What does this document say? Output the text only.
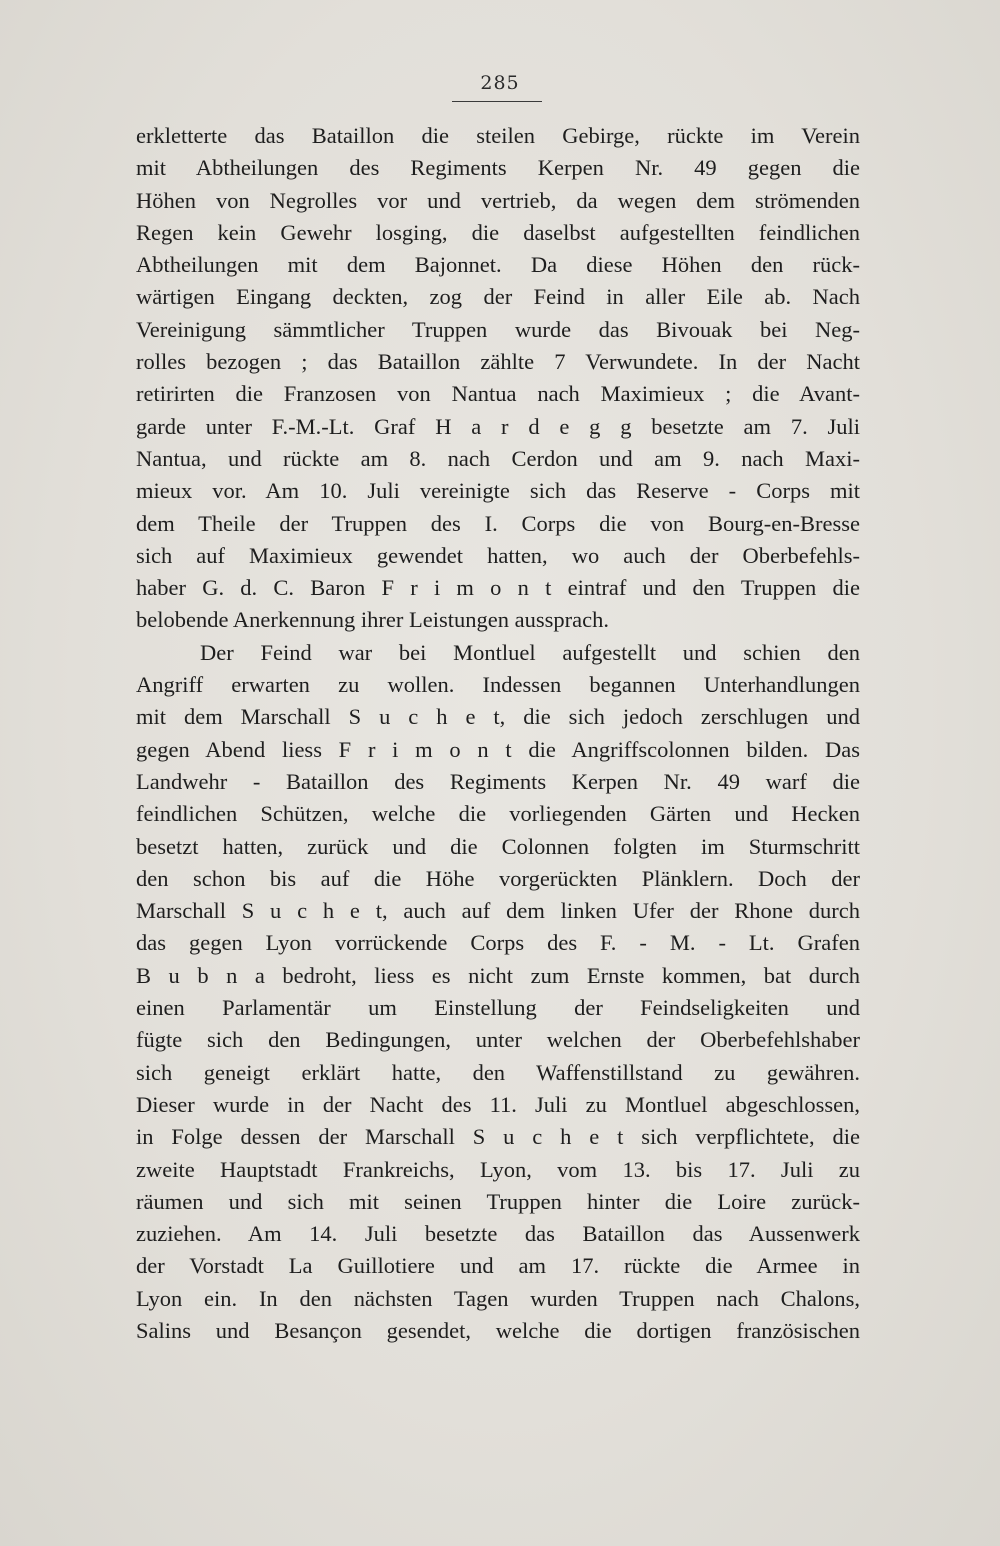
285
erkletterte das Bataillon die steilen Gebirge, rückte im Verein
mit Abtheilungen des Regiments Kerpen Nr. 49 gegen die
Höhen von Negrolles vor und vertrieb, da wegen dem strömenden
Regen kein Gewehr losging, die daselbst aufgestellten feindlichen
Abtheilungen mit dem Bajonnet. Da diese Höhen den rück-
wärtigen Eingang deckten, zog der Feind in aller Eile ab. Nach
Vereinigung sämmtlicher Truppen wurde das Bivouak bei Neg-
rolles bezogen ; das Bataillon zählte 7 Verwundete. In der Nacht
retirirten die Franzosen von Nantua nach Maximieux ; die Avant-
garde unter F.-M.-Lt. Graf H a r d e g g besetzte am 7. Juli
Nantua, und rückte am 8. nach Cerdon und am 9. nach Maxi-
mieux vor. Am 10. Juli vereinigte sich das Reserve - Corps mit
dem Theile der Truppen des I. Corps die von Bourg-en-Bresse
sich auf Maximieux gewendet hatten, wo auch der Oberbefehls-
haber G. d. C. Baron F r i m o n t eintraf und den Truppen die
belobende Anerkennung ihrer Leistungen aussprach.
Der Feind war bei Montluel aufgestellt und schien den
Angriff erwarten zu wollen. Indessen begannen Unterhandlungen
mit dem Marschall S u c h e t, die sich jedoch zerschlugen und
gegen Abend liess F r i m o n t die Angriffscolonnen bilden. Das
Landwehr - Bataillon des Regiments Kerpen Nr. 49 warf die
feindlichen Schützen, welche die vorliegenden Gärten und Hecken
besetzt hatten, zurück und die Colonnen folgten im Sturmschritt
den schon bis auf die Höhe vorgerückten Plänklern. Doch der
Marschall S u c h e t, auch auf dem linken Ufer der Rhone durch
das gegen Lyon vorrückende Corps des F. - M. - Lt. Grafen
B u b n a bedroht, liess es nicht zum Ernste kommen, bat durch
einen Parlamentär um Einstellung der Feindseligkeiten und
fügte sich den Bedingungen, unter welchen der Oberbefehlshaber
sich geneigt erklärt hatte, den Waffenstillstand zu gewähren.
Dieser wurde in der Nacht des 11. Juli zu Montluel abgeschlossen,
in Folge dessen der Marschall S u c h e t sich verpflichtete, die
zweite Hauptstadt Frankreichs, Lyon, vom 13. bis 17. Juli zu
räumen und sich mit seinen Truppen hinter die Loire zurück-
zuziehen. Am 14. Juli besetzte das Bataillon das Aussenwerk
der Vorstadt La Guillotiere und am 17. rückte die Armee in
Lyon ein. In den nächsten Tagen wurden Truppen nach Chalons,
Salins und Besançon gesendet, welche die dortigen französischen
